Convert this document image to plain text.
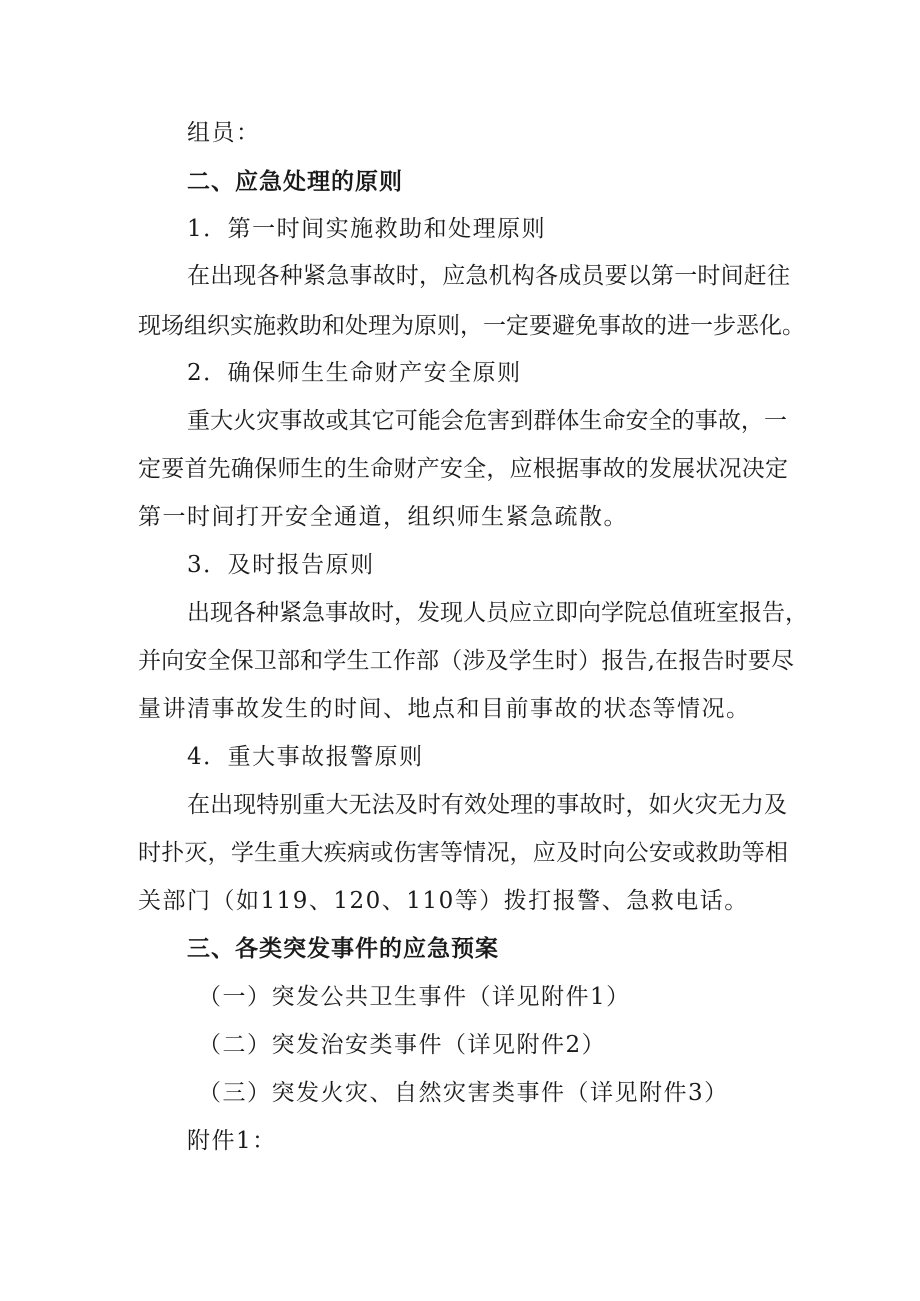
组员：
二、应急处理的原则
1．第一时间实施救助和处理原则
在出现各种紧急事故时，应急机构各成员要以第一时间赶往
现场组织实施救助和处理为原则，一定要避免事故的进一步恶化。
2．确保师生生命财产安全原则
重大火灾事故或其它可能会危害到群体生命安全的事故，一
定要首先确保师生的生命财产安全，应根据事故的发展状况决定
第一时间打开安全通道，组织师生紧急疏散。
3．及时报告原则
出现各种紧急事故时，发现人员应立即向学院总值班室报告，
并向安全保卫部和学生工作部（涉及学生时）报告,在报告时要尽
量讲清事故发生的时间、地点和目前事故的状态等情况。
4．重大事故报警原则
在出现特别重大无法及时有效处理的事故时，如火灾无力及
时扑灭，学生重大疾病或伤害等情况，应及时向公安或救助等相
关部门（如119、120、110等）拨打报警、急救电话。
三、各类突发事件的应急预案
（一）突发公共卫生事件（详见附件1）
（二）突发治安类事件（详见附件2）
（三）突发火灾、自然灾害类事件（详见附件3）
附件1：
